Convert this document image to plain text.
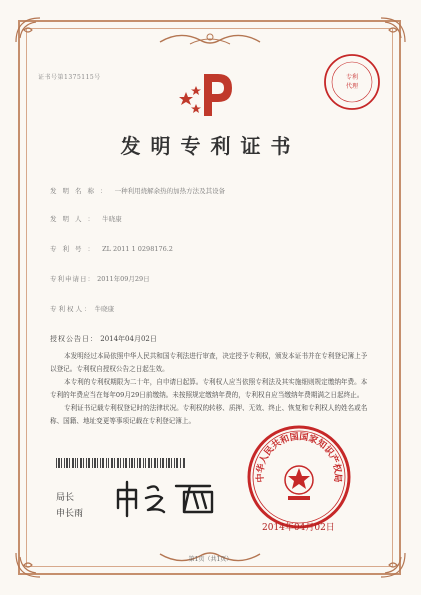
证书号第1375115号	专利
代理
发明专利证书
发明名称： 一种利用烧解余热的加热方法及其设备
发明人： 牛晓康
专利号： ZL 2011 1 0298176.2
专利申请日： 2011年09月29日
专利权人： 牛晓康
授权公告日： 2014年04月02日

本发明经过本局依照中华人民共和国专利法进行审查，决定授予专利权，颁发本证书并在专利登记簿上予以登记。专利权自授权公告之日起生效。

本专利的专利权期限为二十年，自申请日起算。专利权人应当依照专利法及其实施细则规定缴纳年费。本专利的年费应当在每年09月29日前缴纳。未按照规定缴纳年费的，专利权自应当缴纳年费期满之日起终止。

专利证书记载专利权登记时的法律状况。专利权的转移、质押、无效、终止、恢复和专利权人的姓名或名称、国籍、地址变更等事项记载在专利登记簿上。

局长
申长雨
中华人民共和国国家知识产权局
2014年04月02日
第1页（共1页）
